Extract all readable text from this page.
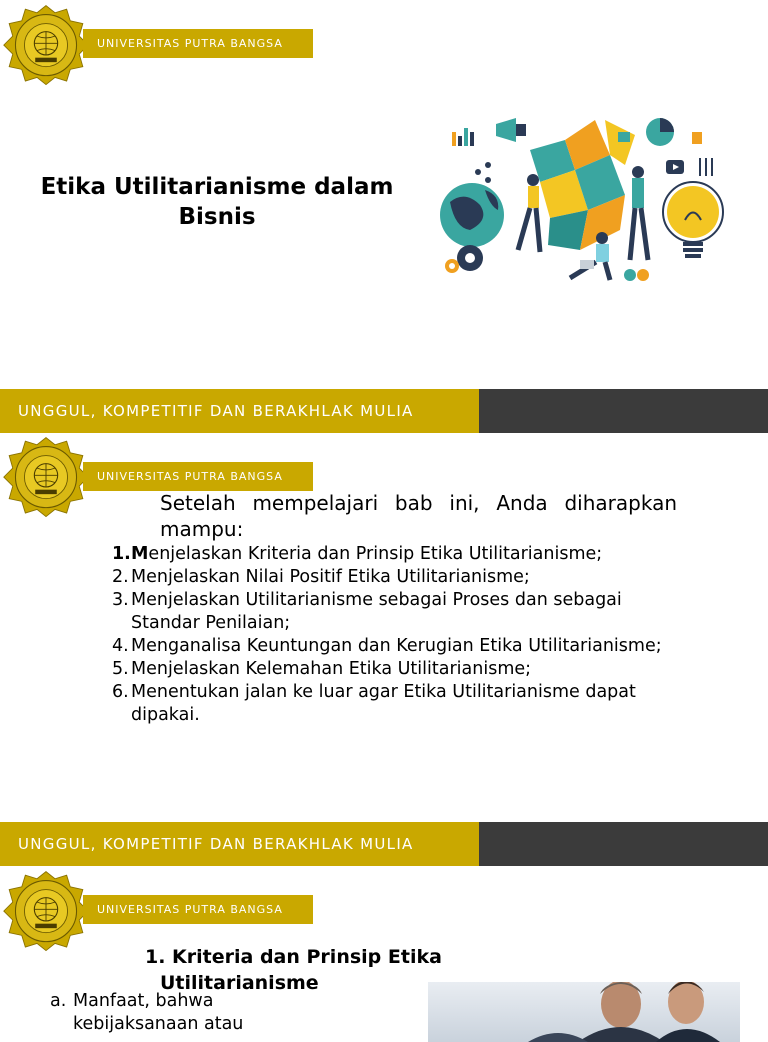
UNIVERSITAS PUTRA BANGSA
Etika Utilitarianisme dalam Bisnis
UNGGUL, KOMPETITIF DAN BERAKHLAK MULIA
UNIVERSITAS PUTRA BANGSA
UNGGUL, KOMPETITIF DAN BERAKHLAK MULIA
Setelah mempelajari bab ini, Anda diharapkan mampu:
1. Menjelaskan Kriteria dan Prinsip Etika Utilitarianisme;
2. Menjelaskan Nilai Positif Etika Utilitarianisme;
3. Menjelaskan Utilitarianisme sebagai Proses dan sebagai Standar Penilaian;
4. Menganalisa Keuntungan dan Kerugian Etika Utilitarianisme;
5. Menjelaskan Kelemahan Etika Utilitarianisme;
6. Menentukan jalan ke luar agar Etika Utilitarianisme dapat dipakai.
UNIVERSITAS PUTRA BANGSA
1. Kriteria dan Prinsip Etika
Utilitarianisme
a. Manfaat, bahwa
kebijaksanaan atau
